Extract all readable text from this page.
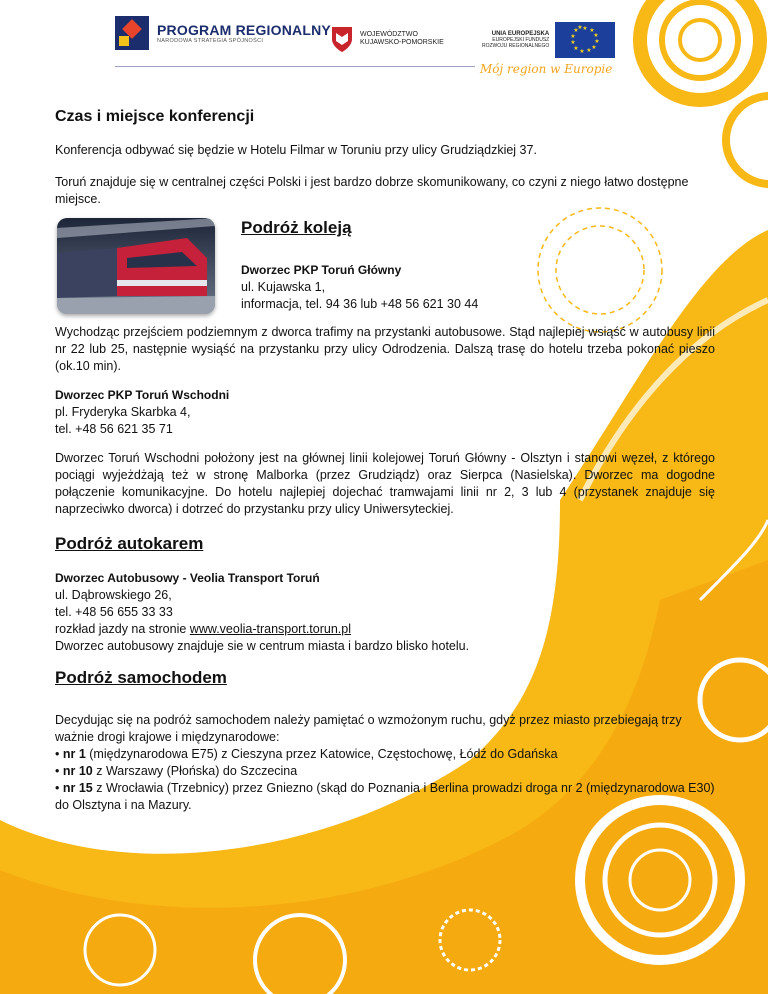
PROGRAM REGIONALNY
NARODOWA STRATEGIA SPÓJNOŚCI
WOJEWÓDZTWO
KUJAWSKO-POMORSKIE
UNIA EUROPEJSKA
EUROPEJSKI FUNDUSZ
ROZWOJU REGIONALNEGO
★ ★
★
★
★
★
★
★
★
★
★
★
Mój region w Europie
Czas i miejsce konferencji

Konferencja odbywać się będzie w Hotelu Filmar w Toruniu przy ulicy Grudziądzkiej 37.

Toruń znajduje się w centralnej części Polski i jest bardzo dobrze skomunikowany, co czyni z niego łatwo dostępne miejsce.

Podróż koleją
Dworzec PKP Toruń Główny
ul. Kujawska 1,
informacja, tel. 94 36 lub +48 56 621 30 44

Wychodząc przejściem podziemnym z dworca trafimy na przystanki autobusowe. Stąd najlepiej wsiąść w autobusy linii nr 22 lub 25, następnie wysiąść na przystanku przy ulicy Odrodzenia. Dalszą trasę do hotelu trzeba pokonać pieszo (ok.10 min).

Dworzec PKP Toruń Wschodni
pl. Fryderyka Skarbka 4,
tel. +48 56 621 35 71

Dworzec Toruń Wschodni położony jest na głównej linii kolejowej Toruń Główny - Olsztyn i stanowi węzeł, z którego pociągi wyjeżdżają też w stronę Malborka (przez Grudziądz) oraz Sierpca (Nasielska). Dworzec ma dogodne połączenie komunikacyjne. Do hotelu najlepiej dojechać tramwajami linii nr 2, 3 lub 4 (przystanek znajduje się naprzeciwko dworca) i dotrzeć do przystanku przy ulicy Uniwersyteckiej.

Podróż autokarem
Dworzec Autobusowy - Veolia Transport Toruń
ul. Dąbrowskiego 26,
tel. +48 56 655 33 33
rozkład jazdy na stronie www.veolia-transport.torun.pl
Dworzec autobusowy znajduje sie w centrum miasta i bardzo blisko hotelu.
Podróż samochodem
Decydując się na podróż samochodem należy pamiętać o wzmożonym ruchu, gdyż przez miasto przebiegają trzy ważnie drogi krajowe i międzynarodowe:
• nr 1 (międzynarodowa E75) z Cieszyna przez Katowice, Częstochowę, Łódź do Gdańska
• nr 10 z Warszawy (Płońska) do Szczecina
• nr 15 z Wrocławia (Trzebnicy) przez Gniezno (skąd do Poznania i Berlina prowadzi droga nr 2 (międzynarodowa E30) do Olsztyna i na Mazury.
